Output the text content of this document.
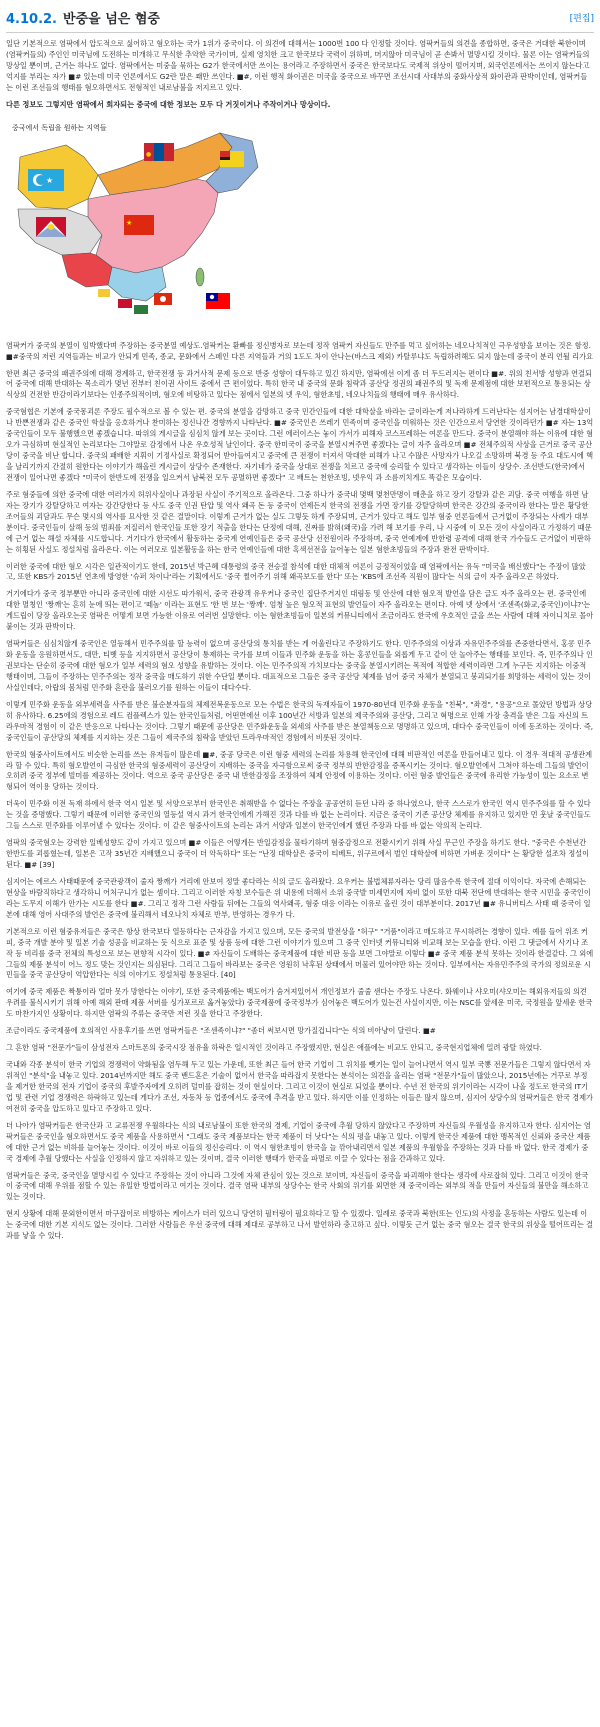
4.10.2. 반중을 넘은 혐중	[편집]

일단 기본적으로 염팍에서 압도적으로 싫어하고 혐오하는 국가 1위가 중국이다. 이 의견에 대해서는 1000번 100 다 인정할 것이다. 염팍커들의 의견을 종합하면, 중국은 거대한 북한이며 (염팍커들의) 주인인 미국님에 도전하는 미개하고 무식한 추악한 국가이며, 실제 영치한 크고 한국보다 국력이 위하며, 머지않아 미국님이 곧 손봐서 멸망시킬 것이다. 물론 이는 염팍커들의 망상일 뿐이며, 근거는 하나도 없다. 염팍에서는 미중을 묶하는 G2가 한국에서만 쓰이는 용어라고 주장하면서 중국은 한국보다도 국제적 위상이 떨어지며, 외국언론에서는 쓰이지 않는다고 억지를 부리는 자가 ■# 있는데 미국 언론에서도 G2란 말은 꽤만 쓰인다. ■#, 이런 행적 화이권은 미국을 중국으로 바꾸면 조선시대 사대부의 중화사상적 화이관과 판박이인데, 염팍커들는 이런 조선들의 행태를 혐오하면서도 전형적인 내로남불을 저지르고 있다.

다른 정보도 그렇지만 염팍에서 회자되는 중국에 대한 정보는 모두 다 거짓이거나 주작이거나 망상이다.

중국에서 독립을 원하는 지역들
★
●
★

염팍커가 중국의 분열이 임박했다며 주장하는 중국분열 예상도.염팍커는 환빠를 정신병자로 보는데 정작 염팍커 자신들도 만주를 먹고 싶어하는 네오나치적인 극우성향을 보이는 것은 함정. ■#중국의 저런 지역들과는 비교가 안되게 민족, 종교, 문화에서 스페인 다른 지역들과 거의 1도도 차이 안나는(바스크 제외) 카탈루냐도 독립하려해도 되지 않는데 중국이 분리 언될 리가요

한편 최근 중국의 패권주의에 대해 경계하고, 한국전쟁 등 과거사적 문제 등으로 반중 성향이 대두하고 있긴 하지만, 염팍에선 이게 좀 더 두드러지는 편이다 ■#. 위의 친서방 성향과 연결되어 중국에 대해 반대하는 목소리가 몇년 전부터 친이권 사이트 중에서 큰 편이었다. 특히 한국 내 중국의 문화 침략과 공산당 정권의 패권주의 및 독재 문제점에 대한 보편적으로 통용되는 상식상의 건전한 반감이라기보다는 인종주의적이며, 혐오에 비탕하고 있다는 점에서 일본의 넷 우익, 혐한초빙, 네오나치들의 행태에 매우 유사하다.

중국혐협은 기본에 중국몽괴론 주장도 필수적으로 볼 수 있는 편. 중국의 분열을 감망하고 중국 민간인들에 대한 대학살을 바라는 글이라는게 저나라하게 드러난다는 섬지어는 남경대학살이나 반쁜전쟁과 같은 중국인 학살을 옹호하거나 찬미하는 정신나간 경향까지 나타난다. ■# 중국인은 쓰레기 민족이며 중국인을 미워하는 것은 인간으로서 당연한 것이라던가 ■# 자는 13억 중국인들이 모두 불행했으면 좋겠습니다. 따위의 게시글을 심심치 않게 보는 곳이다. 그런 에러이스는 놓이 가서가 피해자 코스프레하는 여론을 만드다. 중국이 분열해야 하는 이유에 대한 혐오가 극심하며 현실적인 논리보다는 그야말로 감정에서 나온 우호성적 날인이다. 중국 한미국이 중국을 분열시켜주면 좋겠다는 글이 자주 올라오며 ■# 전체주의적 사상을 근거로 중국 공산당이 중국을 비난 합니다. 중국의 패배한 지휘이 기정사실로 확정되어 받아들여지고 중국에 큰 전쟁이 터져서 막대한 피해가 나고 수많은 사망자가 나오길 소망하며 북경 등 주요 대도시에 핵을 날리기까지 간절히 원한다는 이야기가 해올린 게시글이 상당수 존재한다. 자기네가 중국을 상대로 전쟁을 치르고 중국에 승리할 수 있다고 생각하는 이들이 상당수. 조선반도(한국)에서 전쟁이 일어나면 좋겠다 "미국이 한반도에 전쟁을 일으켜서 남북전 모두 공멸하면 좋겠다" 고 배트는 천한조빙, 넷우익 과 소름끼치게도 똑같은 모습이다.

주로 혐중들에 의한 중국에 대한 여러가지 허위사실이나 과장된 사실이 주기적으로 올라온다. 그중 하나가 중국내 몇백 몇천만명이 매춘을 하고 장기 강탈과 같은 괴담. 중국 여행을 하면 남자는 장기가 강탈당하고 여자는 강간당한다 등 사도 중국 인권 탄압 및 역사 왜곡 돈 등 중국이 언제든지 한국의 전쟁을 가면 장기를 강탈당하며 한국은 강간의 중국이라 한다는 말은 황당한 조어들의 괴담과도 무슨 몇시의 역사를 묘사한 것 같은 결말이다. 이렇게 근거가 없는 실도 그렇듯 하게 주장되며, 근거가 있다고 해도 일부 혐중 언론들에서 근거없이 주장되는 사례가 대부분이다. 중국인들이 살해 등의 범죄를 저질러서 한국인들 또한 장기 적출을 한다는 단정에 대해, 진짜를 밝혀(왜국)을 가려 해 보기를 우리, 나 시중에 이 모든 것이 사실이라고 가정하기 때문에 근거 없는 해설 자체를 시도합니다. 거기다가 한국에서 활동하는 중국계 연예인들은 중국 공산당 선전원이라 주장하며, 중국 연예계에 반한령 공격에 대해 한국 가수들도 근거없이 비판하는 히횡된 사실도 정설처럼 올라온다. 이는 여러모로 일본활동을 하는 한국 연예인들에 대한 혹색선전을 늘어놓는 일본 혐한초빙들의 주장과 완전 판박이다.

이러한 중국에 대한 혐오 시각은 일관적이기도 한데, 2015년 박근혜 대통령의 중국 전승절 참석에 대한 대체적 여론이 긍정적이었을 때 염팍에서는 유독 "미국을 배신했다"는 주장이 많았고, 또한 KBS가 2015년 연초에 방영한 '슈퍼 차이나'라는 기획에서도 '중국 쩔어주기 위해 왜곡보도를 한다' 또는 'KBS에 조선족 직원이 많다'는 식의 글이 자주 올라오곤 하였다.

거기에다가 중국 정부뿐만 아니라 중국인에 대한 시선도 따가워서, 중국 관광객 유우커나 중국인 집단주거지인 대림동 및 안산에 대한 혐오적 발언을 담은 글도 자주 올라오는 편. 중국인에 대한 멸칭인 '짱깨'는 흔히 눈에 띄는 편이고 '떼놈' 이라는 표현도 '한 번 보는 '짱깨'. 엄청 높은 혐오적 표현의 발언들이 자주 올라오는 편이다. 아예 넷 상에서 '조센족(화교,중국인)이냐?'는 게드립이 당장 올라오는곳 염팍은 어떻게 보면 가능한 이유로 여러번 실망한다. 이는 혐한초빙들이 일본의 커뮤니티에서 조금이라도 한국에 우호적인 글을 쓰는 사람에 대해 자이니치로 몰아붙이는 것과 판박이다.

염팍커들은 심심치않게 중국인은 열등해서 민주주의를 할 능력이 없으며 공산당의 통치를 받는 게 어울린다고 주장하기도 한다. 민주주의의 이상과 자유민주주의를 존중한다면서, 홍콩 민주화 운동을 응원하면서도, 대만, 티벳 등을 지지하면서 공산당이 통제하는 국가를 보며 이들과 민주화 운동을 하는 홍콩인들을 외롭게 두고 같이 안 놀아주는 행태를 보인다. 즉, 민주주의나 인권보다는 단순히 중국에 대한 혐오가 일부 세력의 혐오 성향을 유발하는 것이다. 이는 민주주의적 가치보다는 중국을 분열시키려는 목적에 적합한 세력이라면 그게 누구든 지지하는 이중적 행태이며, 그들이 주장하는 민주주의는 정작 중국을 매도하기 위한 수단일 뿐이다. 대표적으로 그들은 중국 공산당 체제를 넘어 중국 자체가 분열되고 붕괴되기를 희망하는 세력이 있는 것이 사실인데다, 아랍의 봄처럼 민주화 혼란을 불러오기를 원하는 이들이 대다수다.

이렇게 민주화 운동을 외부세력을 사주를 받은 불순분자들의 체제전복운동으로 모는 수법은 한국의 독재자들이 1970-80년대 민주화 운동을 "친북", "좌경", "용공"으로 몰았던 방법과 상당히 유사하다. 6.25에의 경험으로 레드 컴플렉스가 있는 한국인들처럼, 어떤면에선 이후 100년간 서방과 일본의 제국주의와 공산당, 그리고 혁명으로 인해 가장 충격을 받은 그들 자신의 트라우마적 경험이 이 같은 반응으로 나타나는 것이다. 그렇기 때문에 공산당은 민주화운동을 외세의 사주를 받은 분열책동으로 명명하고 있으며, 대다수 중국인들이 이에 동조하는 것이다. 즉, 중국인들이 공산당의 체제를 지지하는 것은 그들이 제국주의 침략을 받았던 트라우마적인 경험에서 비롯된 것이다.

한국의 혐중사이트에서도 비슷한 논리를 쓰는 유저들이 많은데 ■#, 중공 당국은 이런 혐중 세력의 논리를 차용해 한국인에 대해 비판적인 여론을 만들어내고 있다. 이 경우 적대적 공생관계라 할 수 있다. 특히 혐오발언이 극심한 한국의 혐중세력이 공산당이 지배하는 중국을 자극함으로써 중국 정부의 반한감정을 증폭시키는 것이다. 혐오발언에서 그쳐야 하는데 그들의 발언이 오히려 중국 정부에 빌미를 제공하는 것이다. 역으로 중국 공산당은 중국 내 반한감정을 조장하여 체제 안정에 이용하는 것이다. 이런 혐중 발언들은 중국에 유리한 가능성이 있는 요소로 변형되어 역이용 당하는 것이다.

더욱이 민주화 이전 독재 하에서 한국 역시 일본 및 서양으로부터 한국인은 취해받을 수 없다는 주장을 공공연히 듣던 나라 중 하나였으나, 한국 스스로가 한국인 역시 민주주의를 할 수 있다는 것을 증명했다. 그렇기 때문에 이러한 중국인의 열등설 역시 과거 한국인에게 가해진 것과 다를 바 없는 논리이다. 지금은 중국이 기존 공산당 체제를 유지하고 있지만 먼 훗날 중국인들도 그들 스스로 민주화를 이루어낼 수 있다는 것이다. 이 같은 혐중사이트의 논리는 과거 서양과 일본이 한국인에게 했던 주장과 다를 바 없는 악의적 논리다.

염팍의 중국혐오는 강력한 일베성향도 같이 가지고 있으며 ■# 이들은 어떻게든 반일감정을 물타기하며 혐중감정으로 전환시키기 위해 사실 무근인 주장을 하기도 한다. "중국은 수천년간 한반도를 괴롭혔는데, 일본은 고작 35년간 지배했으니 중국이 더 악독하다" 또는 "난징 대학살은 중국이 티베트, 위구르에서 벌인 대학살에 비하면 가벼운 것이다" 는 황당한 설조차 정설이 된다. ■# [39]

심지어는 에르스 사태때문에 중국관광객이 줄자 짱깨가 거리에 안보여 정말 좋다라는 식의 글도 올라왔다. 요우커는 불법체류자라는 당리 많음수록 한국에 절대 이익이다. 자국에 손해되는 현상을 바람직하다고 생각하니 어처구니가 없는 셈이다. 그리고 이러한 자칭 보수들은 위 내용에 더해서 소위 중국발 미세먼지에 자비 없이 또한 대북 전단에 반대하는 한국 시민을 중국인이라는 도무지 이해가 안가는 시도를 한다 ■#. 그리고 정작 그런 사람들 뒤에는 그들의 역사왜곡, 혐중 대응 이라는 이유로 올린 것이 대부분이다. 2017년 ■# 유니버티스 사태 때 중국이 일본에 대해 영어 사대주의 발언은 중국에 불리해서 네오나치 자체로 반부, 반영하는 경우가 다.

기본적으로 이런 혐중유저들은 중국은 항상 한국보다 열등하다는 근자감을 가지고 있으며, 모든 중국의 발전상을 "허구" "거품"이라고 매도하고 무시하려는 경향이 있다. 예를 들어 위조 커피, 중국 개발 분야 및 일본 기술 성공을 비교하는 듯 식으로 표준 및 상품 등에 대한 그런 이야기가 있으며 그 중국 인터넷 커뮤니티와 비교해 보는 모습을 한다. 이런 그 댓글에서 사기나 조작 등 비리를 중국 전체의 특성으로 보는 편향적 시각이 있다. ■# 자신들이 도배하는 중국제품에 대한 비판 등을 보면 그야말로 이렇다 ■# 중국 제품 분석 못하는 것이라 한결같다. 그 외에 그들의 제품 분석이 어느 정도 맞는 것인지는 의심된다. 그리고 그들이 바라보는 중국은 영원히 낙후된 상태에서 머물러 있어야만 하는 것이다. 일부에서는 자유민주주의 국가의 정의로운 시민들을 중국 공산당이 억압한다는 식의 이야기도 정설처럼 통용된다. [40]

여기에 중국 제품은 짝퉁이라 얼마 못가 망한다는 이야기, 또한 중국제품에는 백도어가 숨겨져있어서 개인정보가 줄줄 샌다는 주장도 나온다. 화웨이나 샤오미(샤오미는 해외유저들의 의견 우려를 불식시키기 위해 아예 해외 판매 제품 서버를 싱가포르로 옮겨놓았다) 중국제품에 중국정부가 심어놓은 백도어가 있는건 사실이지만, 이는 NSC를 앞세운 미국, 국정원을 앞세운 한국도 마찬가지인 상황이다. 하지만 염팍의 주류는 중국만 저런 짓을 한다고 주장한다.

조금이라도 중국제품에 호의적인 사용후기를 쓰면 염팍커들은 "조센족이냐?" "좀더 써보시면 망가질겁니다"는 식의 비아냥이 달린다. ■#

그 흔한 염팍 "전문가"들이 삼성전자 스마트폰의 중국시장 점유율 하락은 일시적인 것이라고 주장했지만, 현실은 애플에는 비교도 안되고, 중국현지업체에 밀려 광탈 하였다.

국내와 각종 분석이 한국 기업의 경쟁력이 약화됨을 염두해 두고 있는 가운데, 또한 최근 들어 한국 기업이 그 위치를 뺏기는 일이 늘어나면서 역시 일부 국뽕 전문가들은 그렇지 않다면서 자위적인 "분석"을 내놓고 있다. 2014년까지만 해도 중국 밴드혼은 기술이 없어서 한국을 따라잡지 못한다는 분석이는 의견을 올리는 염팍 "전문가"들이 많았으나, 2015년에는 거꾸로 부정을 제거한 한국의 전자 기업이 중국의 후발주자에게 오히려 덜미를 잡히는 것이 현실이다. 그리고 이것이 현실로 되었을 뿐이다. 수년 전 한국의 위기이라는 시각이 나올 정도로 한국의 IT기업 및 관련 기업 경쟁력은 하락하고 있는데 게다가 조선, 자동차 등 업종에서도 중국에 추격을 받고 있다. 하지만 이를 인정하는 이들은 많지 않으며, 심지어 상당수의 염팍커들은 한국 경제가 여전히 중국을 압도하고 있다고 주장하고 있다.

더 나아가 염팍커들은 한국산과 고 교류전쟁 우월하다는 식의 내로남불이 또한 한국의 경제, 기업이 중국에 추월 당하지 않았다고 주장하며 자신들의 우월성을 유지하고자 한다. 심지어는 염팍커들은 중국인을 혐오하면서도 중국 제품을 사용하면서 "그래도 중국 제품보다는 한국 제품이 더 낫다"는 식의 평을 내놓고 있다. 이렇게 한국산 제품에 대한 맹목적인 신뢰와 중국산 제품에 대한 근거 없는 비하를 늘어놓는 것이다. 이것이 바로 이들의 정신승리다. 이 역시 혐한초빙이 한국을 늘 깎아내리면서 일본 제품의 우월함을 주장하는 것과 다를 바 없다. 한국 경제가 중국 경제에 추월 당했다는 사실을 인정하지 않고 자위하고 있는 것이며, 결국 이러한 행태가 한국을 파멸로 이끌 수 있다는 점을 간과하고 있다.

염팍커들은 중국, 중국인을 멸망시킬 수 있다고 주장하는 것이 아니라 그것에 자체 관심이 있는 것으로 보이며, 자신들이 중국을 파괴해야 한다는 생각에 사로잡혀 있다. 그리고 이것이 한국이 중국에 대해 우위를 점할 수 있는 유일한 방법이라고 여기는 것이다. 결국 염팍 내부의 상당수는 한국 사회의 위기를 외면한 채 중국이라는 외부의 적을 만들어 자신들의 불만을 해소하고 있는 것이다.

현지 상황에 대해 문외한이면서 마구잡이로 비방하는 케이스가 더러 있으니 당연히 필터링이 필요하다고 할 수 있겠다. 일례로 중국과 북한(또는 인도)의 사정을 혼동하는 사람도 있는데 이는 중국에 대한 기본 지식도 없는 것이다. 그러한 사람들은 우선 중국에 대해 제대로 공부하고 나서 발언하라 충고하고 싶다. 이렇듯 근거 없는 중국 혐오는 결국 한국의 위상을 떨어뜨리는 결과를 낳을 수 있다.
